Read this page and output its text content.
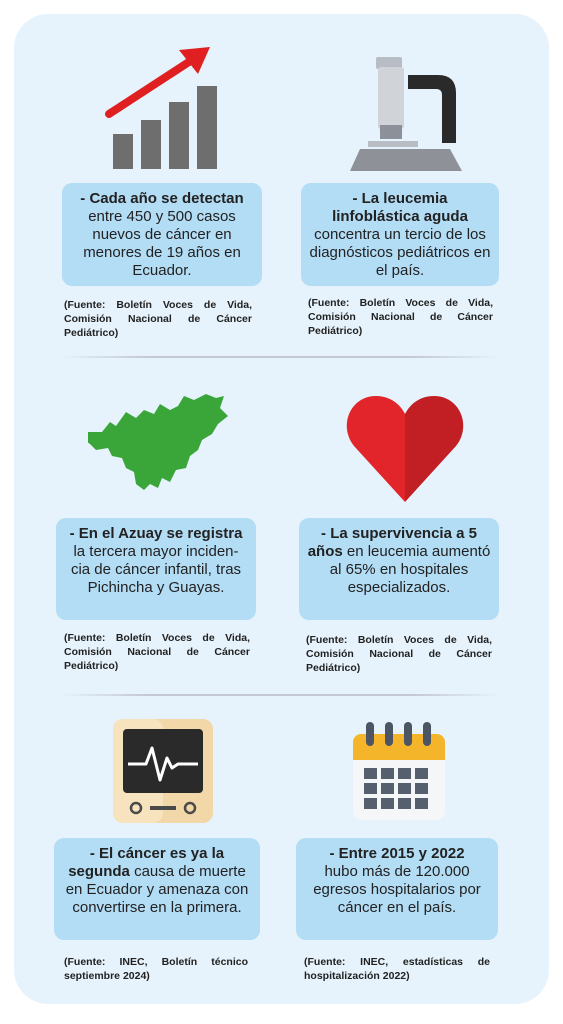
- Cada año se detectan entre 450 y 500 casos nuevos de cáncer en menores de 19 años en Ecuador.
(Fuente: Boletín Voces de Vida, Comisión Nacional de Cáncer Pediátrico)
- La leucemia linfoblástica aguda concentra un tercio de los diagnósticos pediátricos en el país.
(Fuente: Boletín Voces de Vida, Comisión Nacional de Cáncer Pediátrico)
- En el Azuay se registra la tercera mayor inciden-cia de cáncer infantil, tras Pichincha y Guayas.
(Fuente: Boletín Voces de Vida, Comisión Nacional de Cáncer Pediátrico)
- La supervivencia a 5 años en leucemia aumentó al 65% en hospitales especializados.
(Fuente: Boletín Voces de Vida, Comisión Nacional de Cáncer Pediátrico)
- El cáncer es ya la segunda causa de muerte en Ecuador y amenaza con convertirse en la primera.
(Fuente: INEC, Boletín técnico septiembre 2024)
- Entre 2015 y 2022
hubo más de 120.000 egresos hospitalarios por cáncer en el país.
(Fuente: INEC, estadísticas de hospitalización 2022)
